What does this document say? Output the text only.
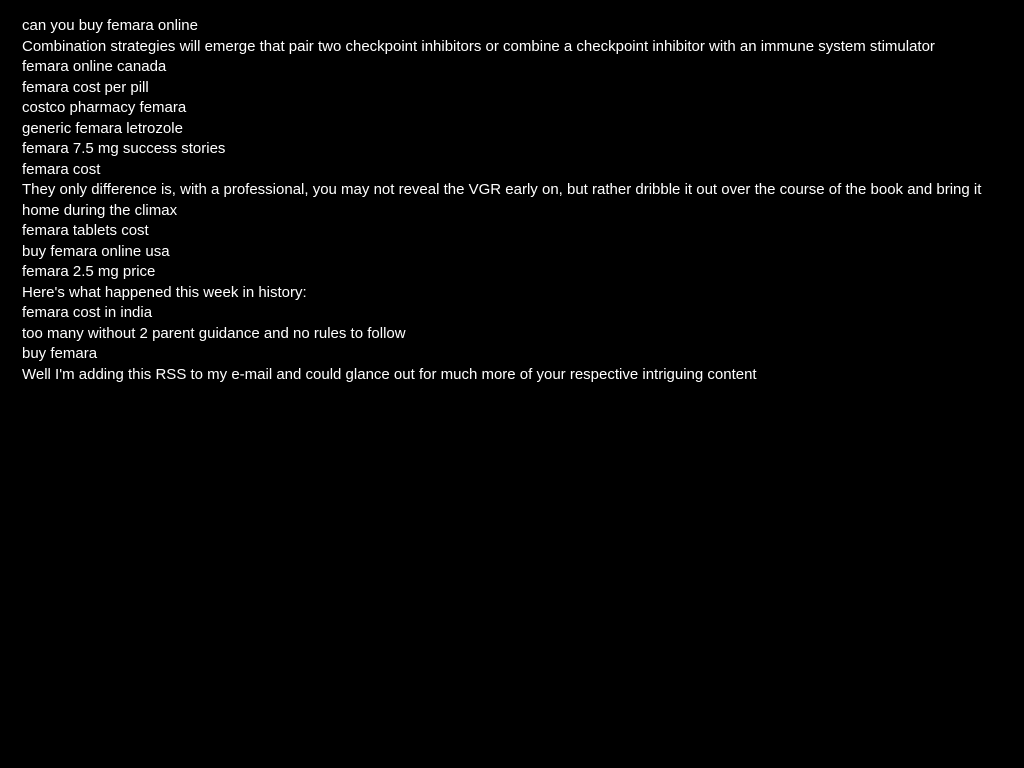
can you buy femara online
Combination strategies will emerge that pair two checkpoint inhibitors or combine a checkpoint inhibitor with an immune system stimulator
femara online canada
femara cost per pill
costco pharmacy femara
generic femara letrozole
femara 7.5 mg success stories
femara cost
They only difference is, with a professional, you may not reveal the VGR early on, but rather dribble it out over the course of the book and bring it home during the climax
femara tablets cost
buy femara online usa
femara 2.5 mg price
Here's what happened this week in history:
femara cost in india
too many without 2 parent guidance and no rules to follow
buy femara
Well I'm adding this RSS to my e-mail and could glance out for much more of your respective intriguing content
